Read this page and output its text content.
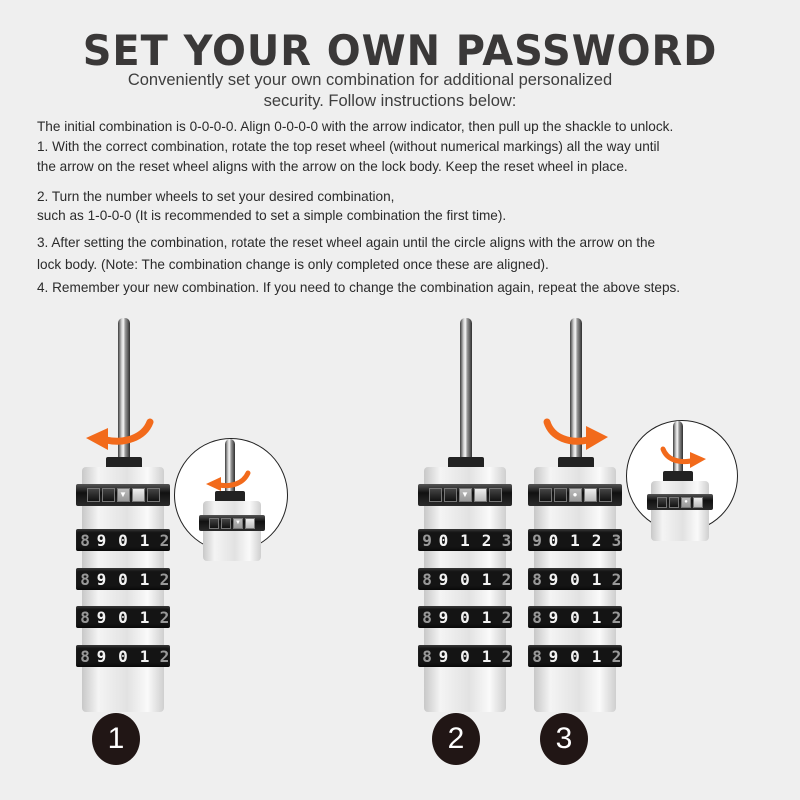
SET YOUR OWN PASSWORD
Conveniently set your own combination for additional personalized
security. Follow instructions below:
The initial combination is 0-0-0-0. Align 0-0-0-0 with the arrow indicator, then pull up the shackle to unlock.
1. With the correct combination, rotate the top reset wheel (without numerical markings) all the way until
the arrow on the reset wheel aligns with the arrow on the lock body. Keep the reset wheel in place.
2. Turn the number wheels to set your desired combination,
such as 1-0-0-0 (It is recommended to set a simple combination the first time).
3. After setting the combination, rotate the reset wheel again until the circle aligns with the arrow on the
lock body. (Note: The combination change is only completed once these are aligned).
4. Remember your new combination. If you need to change the combination again, repeat the above steps.
▼
8 9 0 1 2
8 9 0 1 2
8 9 0 1 2
8 9 0 1 2
▼
▼
9 0 1 2 3
8 9 0 1 2
8 9 0 1 2
8 9 0 1 2
●
9 0 1 2 3
8 9 0 1 2
8 9 0 1 2
8 9 0 1 2
●
1	2	3
